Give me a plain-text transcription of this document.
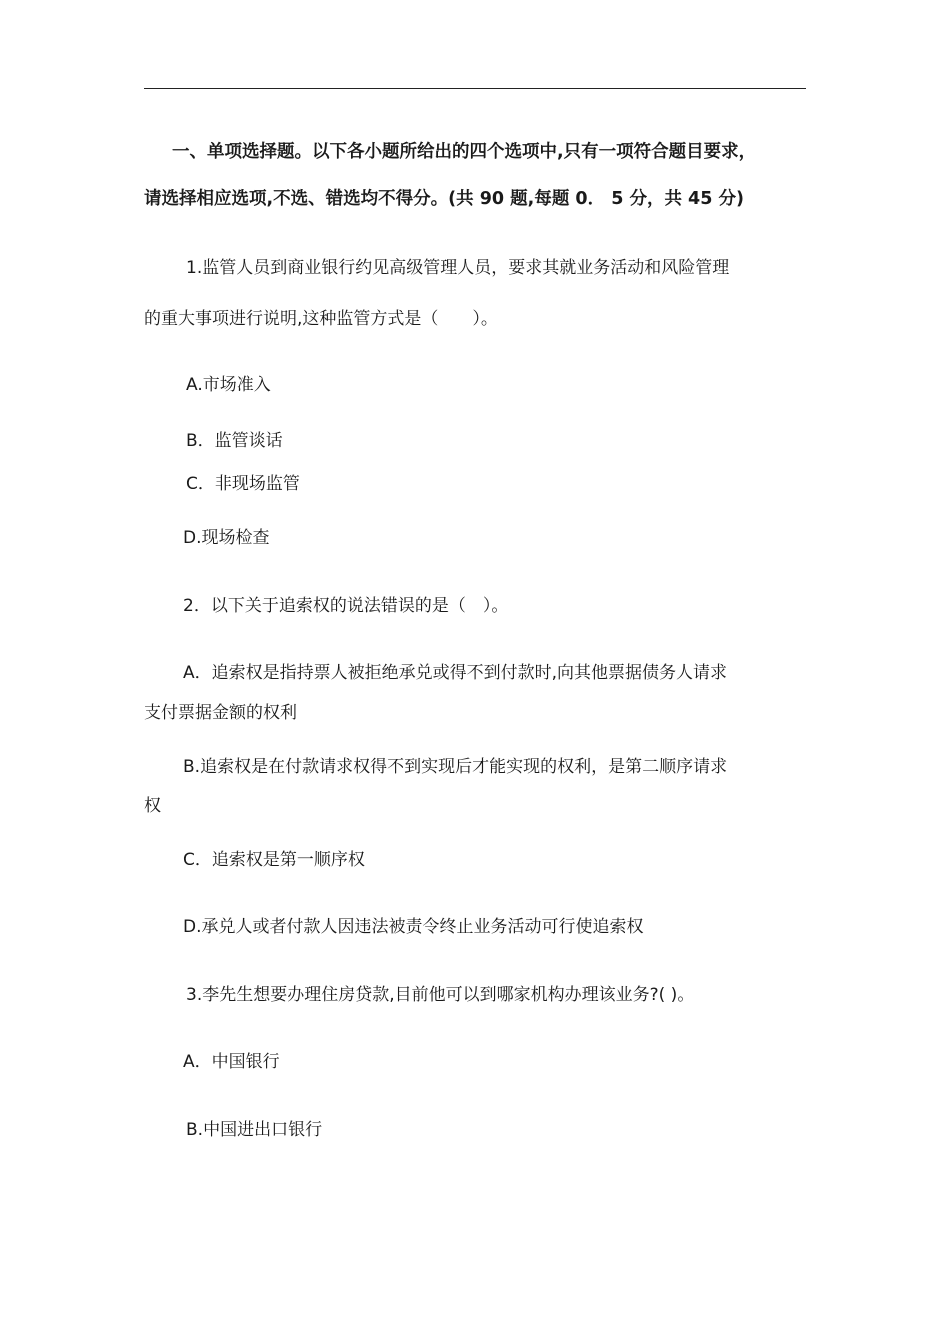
一、单项选择题。以下各小题所给出的四个选项中,只有一项符合题目要求，
请选择相应选项,不选、错选均不得分。(共 90 题,每题 0． 5 分，共 45 分)
1.监管人员到商业银行约见高级管理人员，要求其就业务活动和风险管理
的重大事项进行说明,这种监管方式是（　　）。
A.市场准入
B．监管谈话
C．非现场监管
D.现场检查
2．以下关于追索权的说法错误的是（　）。
A．追索权是指持票人被拒绝承兑或得不到付款时,向其他票据债务人请求
支付票据金额的权利
B.追索权是在付款请求权得不到实现后才能实现的权利，是第二顺序请求
权
C．追索权是第一顺序权
D.承兑人或者付款人因违法被责令终止业务活动可行使追索权
3.李先生想要办理住房贷款,目前他可以到哪家机构办理该业务?( )。
A．中国银行
B.中国进出口银行
